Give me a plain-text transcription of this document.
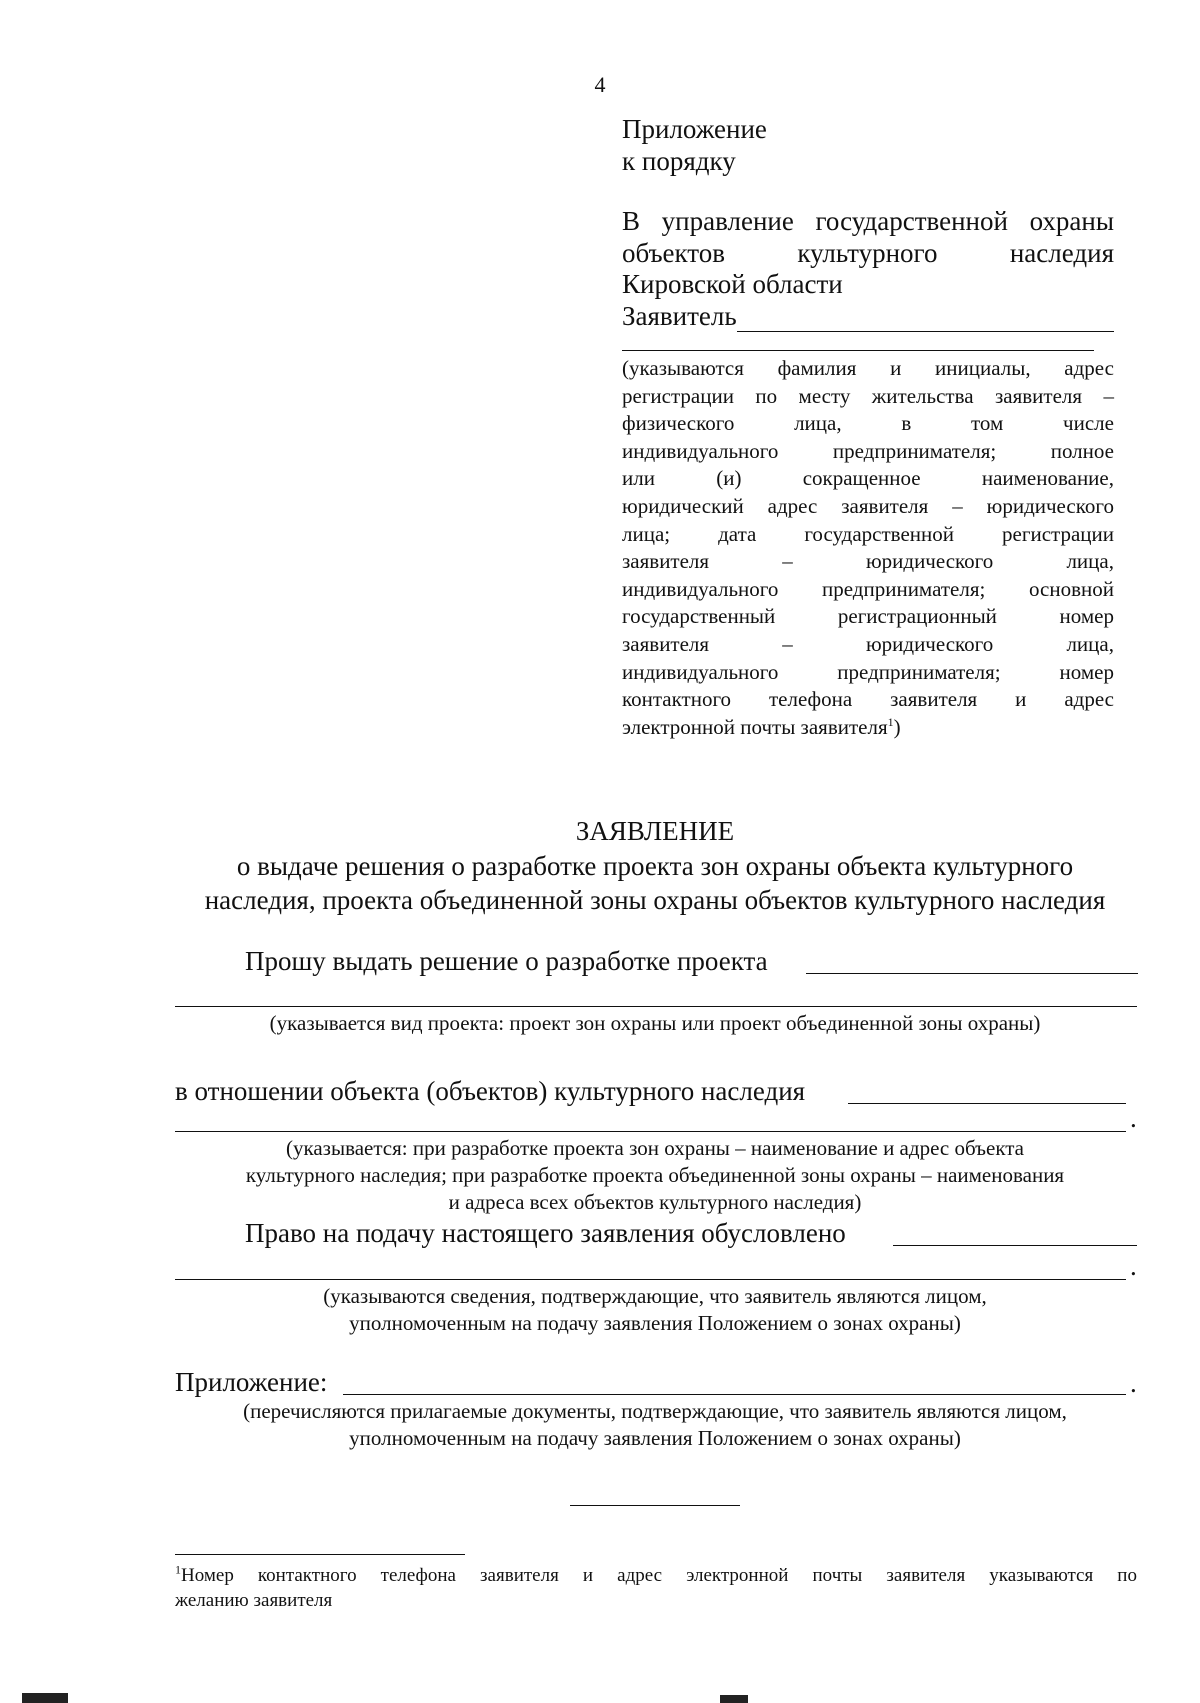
4
Приложение
к порядку
В управление государственной охраны
объектов	культурного	наследия
Кировской области
Заявитель
(указываются фамилия и инициалы, адрес
регистрации по месту жительства заявителя –
физического	лица,	в	том	числе
индивидуального	предпринимателя;	полное
или	(и)	сокращенное	наименование,
юридический адрес заявителя – юридического
лица; дата государственной регистрации
заявителя	–	юридического	лица,
индивидуального предпринимателя; основной
государственный	регистрационный	номер
заявителя	–	юридического	лица,
индивидуального	предпринимателя;	номер
контактного телефона заявителя и адрес
электронной почты заявителя$^1$)
ЗАЯВЛЕНИЕ
о выдаче решения о разработке проекта зон охраны объекта культурного
наследия, проекта объединенной зоны охраны объектов культурного наследия
Прошу выдать решение о разработке проекта
(указывается вид проекта: проект зон охраны или проект объединенной зоны охраны)
в отношении объекта (объектов) культурного наследия
.
(указывается: при разработке проекта зон охраны – наименование и адрес объекта
культурного наследия; при разработке проекта объединенной зоны охраны – наименования
и адреса всех объектов культурного наследия)
Право на подачу настоящего заявления обусловлено
.
(указываются сведения, подтверждающие, что заявитель являются лицом,
уполномоченным на подачу заявления Положением о зонах охраны)
Приложение:	.
(перечисляются прилагаемые документы, подтверждающие, что заявитель являются лицом,
уполномоченным на подачу заявления Положением о зонах охраны)
$^1$Номер контактного телефона заявителя и адрес электронной почты заявителя указываются по
желанию заявителя
